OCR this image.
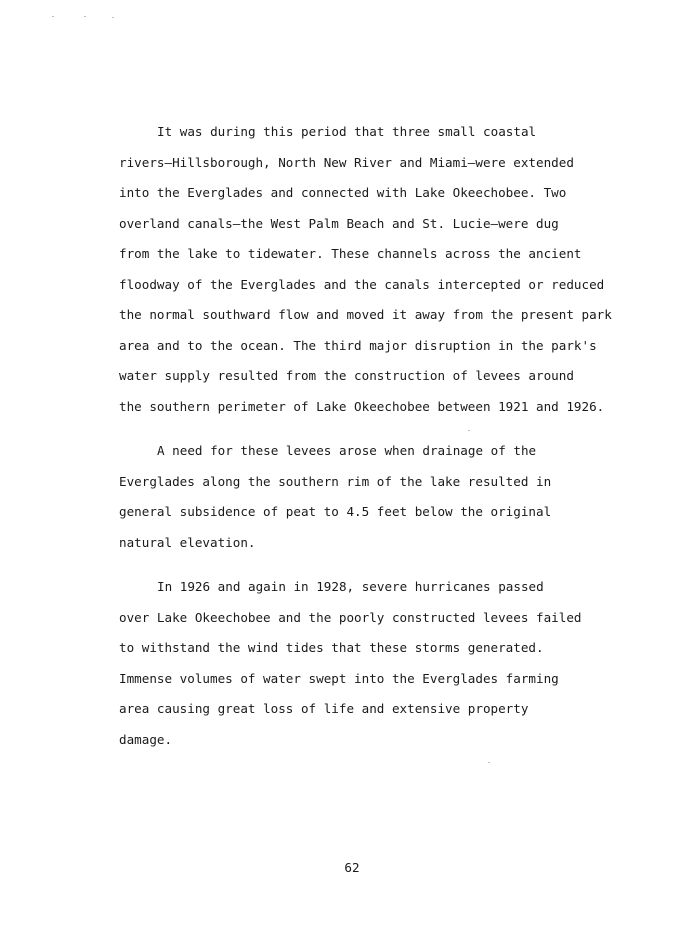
It was during this period that three small coastal
rivers—Hillsborough, North New River and Miami—were extended
into the Everglades and connected with Lake Okeechobee. Two
overland canals—the West Palm Beach and St. Lucie—were dug
from the lake to tidewater. These channels across the ancient
floodway of the Everglades and the canals intercepted or reduced
the normal southward flow and moved it away from the present park
area and to the ocean. The third major disruption in the park's
water supply resulted from the construction of levees around
the southern perimeter of Lake Okeechobee between 1921 and 1926.
A need for these levees arose when drainage of the
Everglades along the southern rim of the lake resulted in
general subsidence of peat to 4.5 feet below the original
natural elevation.
In 1926 and again in 1928, severe hurricanes passed
over Lake Okeechobee and the poorly constructed levees failed
to withstand the wind tides that these storms generated.
Immense volumes of water swept into the Everglades farming
area causing great loss of life and extensive property
damage.
62
